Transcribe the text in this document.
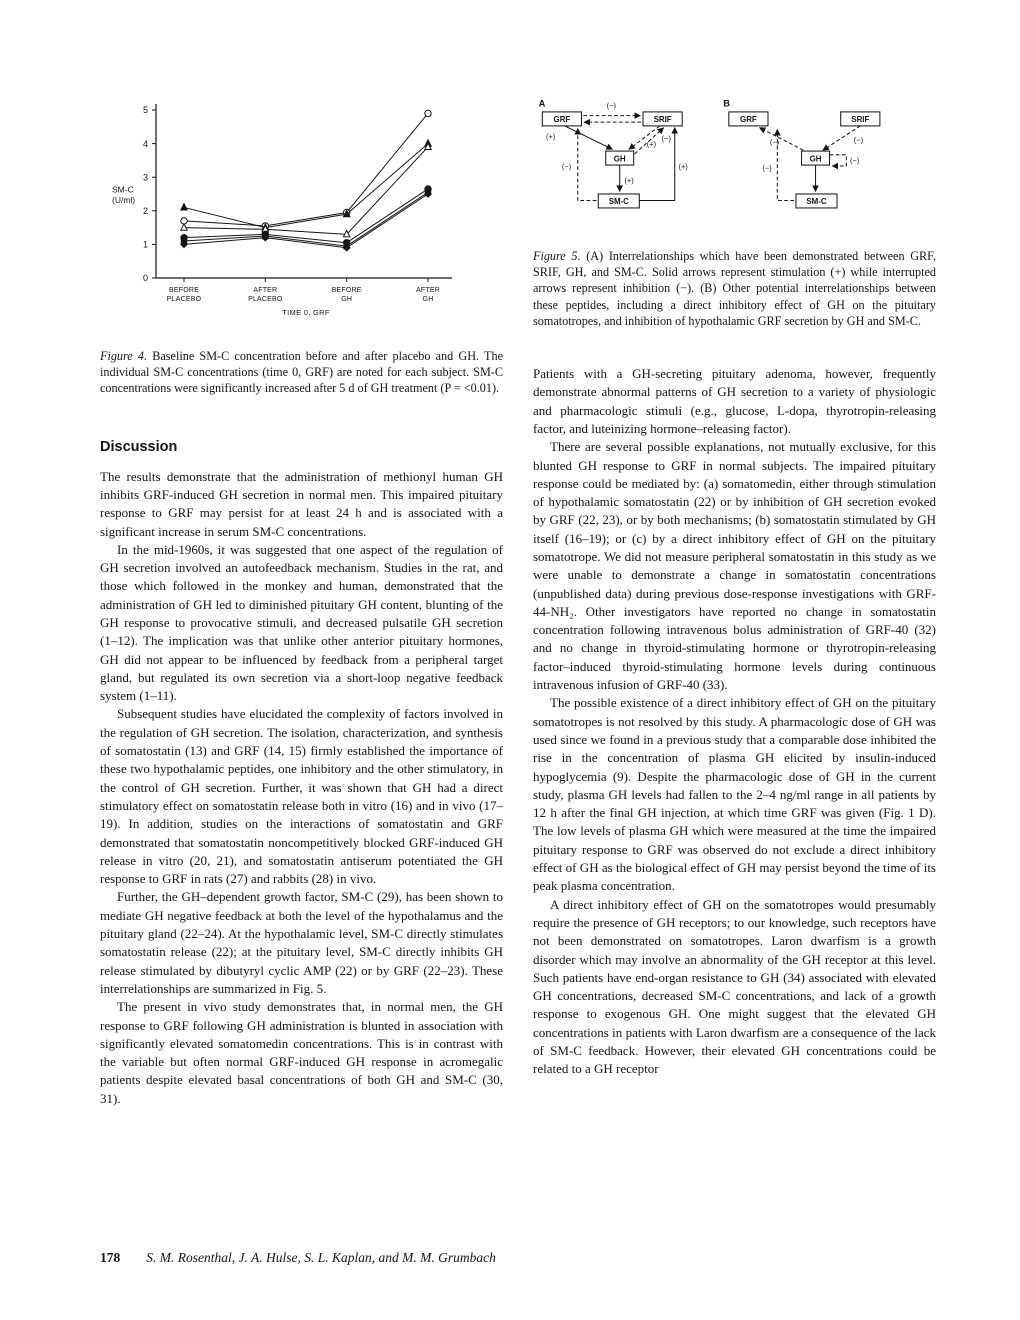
0
1
2
3
4
5
SM-C
(U/ml)
BEFORE
PLACEBO
AFTER
PLACEBO
BEFORE
GH
AFTER
GH
TIME 0, GRF
Figure 4. Baseline SM-C concentration before and after placebo and GH. The individual SM-C concentrations (time 0, GRF) are noted for each subject. SM-C concentrations were significantly increased after 5 d of GH treatment (P = <0.01).
Discussion

The results demonstrate that the administration of methionyl human GH inhibits GRF-induced GH secretion in normal men. This impaired pituitary response to GRF may persist for at least 24 h and is associated with a significant increase in serum SM-C concentrations.

In the mid-1960s, it was suggested that one aspect of the regulation of GH secretion involved an autofeedback mechanism. Studies in the rat, and those which followed in the monkey and human, demonstrated that the administration of GH led to diminished pituitary GH content, blunting of the GH response to provocative stimuli, and decreased pulsatile GH secretion (1–12). The implication was that unlike other anterior pituitary hormones, GH did not appear to be influenced by feedback from a peripheral target gland, but regulated its own secretion via a short-loop negative feedback system (1–11).

Subsequent studies have elucidated the complexity of factors involved in the regulation of GH secretion. The isolation, characterization, and synthesis of somatostatin (13) and GRF (14, 15) firmly established the importance of these two hypothalamic peptides, one inhibitory and the other stimulatory, in the control of GH secretion. Further, it was shown that GH had a direct stimulatory effect on somatostatin release both in vitro (16) and in vivo (17–19). In addition, studies on the interactions of somatostatin and GRF demonstrated that somatostatin noncompetitively blocked GRF-induced GH release in vitro (20, 21), and somatostatin antiserum potentiated the GH response to GRF in rats (27) and rabbits (28) in vivo.

Further, the GH–dependent growth factor, SM-C (29), has been shown to mediate GH negative feedback at both the level of the hypothalamus and the pituitary gland (22–24). At the hypothalamic level, SM-C directly stimulates somatostatin release (22); at the pituitary level, SM-C directly inhibits GH release stimulated by dibutyryl cyclic AMP (22) or by GRF (22–23). These interrelationships are summarized in Fig. 5.

The present in vivo study demonstrates that, in normal men, the GH response to GRF following GH administration is blunted in association with significantly elevated somatomedin concentrations. This is in contrast with the variable but often normal GRF-induced GH response in acromegalic patients despite elevated basal concentrations of both GH and SM-C (30, 31).

A
GRF	SRIF
GH
SM-C
(+)	(−)
(−)
(+)
(+)
(−)	(+)
B
GRF	SRIF
GH
SM-C
(−)	(−)
(−)
(−)
Figure 5. (A) Interrelationships which have been demonstrated between GRF, SRIF, GH, and SM-C. Solid arrows represent stimulation (+) while interrupted arrows represent inhibition (−). (B) Other potential interrelationships between these peptides, including a direct inhibitory effect of GH on the pituitary somatotropes, and inhibition of hypothalamic GRF secretion by GH and SM-C.

Patients with a GH-secreting pituitary adenoma, however, frequently demonstrate abnormal patterns of GH secretion to a variety of physiologic and pharmacologic stimuli (e.g., glucose, L-dopa, thyrotropin-releasing factor, and luteinizing hormone–releasing factor).

There are several possible explanations, not mutually exclusive, for this blunted GH response to GRF in normal subjects. The impaired pituitary response could be mediated by: (a) somatomedin, either through stimulation of hypothalamic somatostatin (22) or by inhibition of GH secretion evoked by GRF (22, 23), or by both mechanisms; (b) somatostatin stimulated by GH itself (16–19); or (c) by a direct inhibitory effect of GH on the pituitary somatotrope. We did not measure peripheral somatostatin in this study as we were unable to demonstrate a change in somatostatin concentrations (unpublished data) during previous dose-response investigations with GRF-44-NH₂. Other investigators have reported no change in somatostatin concentration following intravenous bolus administration of GRF-40 (32) and no change in thyroid-stimulating hormone or thyrotropin-releasing factor–induced thyroid-stimulating hormone levels during continuous intravenous infusion of GRF-40 (33).

The possible existence of a direct inhibitory effect of GH on the pituitary somatotropes is not resolved by this study. A pharmacologic dose of GH was used since we found in a previous study that a comparable dose inhibited the rise in the concentration of plasma GH elicited by insulin-induced hypoglycemia (9). Despite the pharmacologic dose of GH in the current study, plasma GH levels had fallen to the 2–4 ng/ml range in all patients by 12 h after the final GH injection, at which time GRF was given (Fig. 1 D). The low levels of plasma GH which were measured at the time the impaired pituitary response to GRF was observed do not exclude a direct inhibitory effect of GH as the biological effect of GH may persist beyond the time of its peak plasma concentration.

A direct inhibitory effect of GH on the somatotropes would presumably require the presence of GH receptors; to our knowledge, such receptors have not been demonstrated on somatotropes. Laron dwarfism is a growth disorder which may involve an abnormality of the GH receptor at this level. Such patients have end-organ resistance to GH (34) associated with elevated GH concentrations, decreased SM-C concentrations, and lack of a growth response to exogenous GH. One might suggest that the elevated GH concentrations in patients with Laron dwarfism are a consequence of the lack of SM-C feedback. However, their elevated GH concentrations could be related to a GH receptor

178 S. M. Rosenthal, J. A. Hulse, S. L. Kaplan, and M. M. Grumbach
